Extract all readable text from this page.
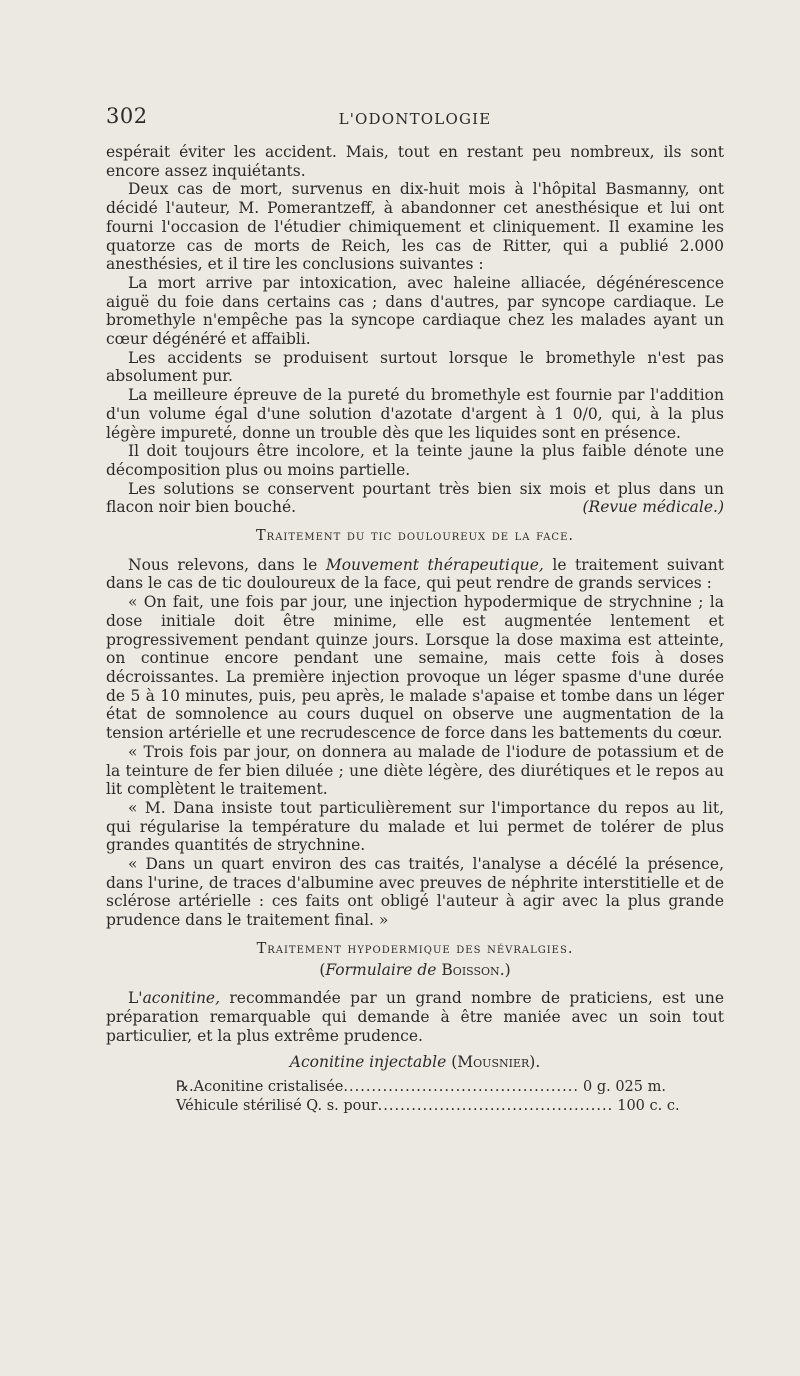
302	L'ODONTOLOGIE

espérait éviter les accident. Mais, tout en restant peu nombreux, ils sont encore assez inquiétants.

Deux cas de mort, survenus en dix-huit mois à l'hôpital Basmanny, ont décidé l'auteur, M. Pomerantzeff, à abandonner cet anesthésique et lui ont fourni l'occasion de l'étudier chimiquement et cliniquement. Il examine les quatorze cas de morts de Reich, les cas de Ritter, qui a publié 2.000 anesthésies, et il tire les conclusions suivantes :

La mort arrive par intoxication, avec haleine alliacée, dégénérescence aiguë du foie dans certains cas ; dans d'autres, par syncope cardiaque. Le bromethyle n'empêche pas la syncope cardiaque chez les malades ayant un cœur dégénéré et affaibli.

Les accidents se produisent surtout lorsque le bromethyle n'est pas absolument pur.

La meilleure épreuve de la pureté du bromethyle est fournie par l'addition d'un volume égal d'une solution d'azotate d'argent à 1 0/0, qui, à la plus légère impureté, donne un trouble dès que les liquides sont en présence.

Il doit toujours être incolore, et la teinte jaune la plus faible dénote une décomposition plus ou moins partielle.

Les solutions se conservent pourtant très bien six mois et plus dans un flacon noir bien bouché.	(Revue médicale.)

Traitement du tic douloureux de la face.

Nous relevons, dans le Mouvement thérapeutique, le traitement suivant dans le cas de tic douloureux de la face, qui peut rendre de grands services :

« On fait, une fois par jour, une injection hypodermique de strychnine ; la dose initiale doit être minime, elle est augmentée lentement et progressivement pendant quinze jours. Lorsque la dose maxima est atteinte, on continue encore pendant une semaine, mais cette fois à doses décroissantes. La première injection provoque un léger spasme d'une durée de 5 à 10 minutes, puis, peu après, le malade s'apaise et tombe dans un léger état de somnolence au cours duquel on observe une augmentation de la tension artérielle et une recrudescence de force dans les battements du cœur.

« Trois fois par jour, on donnera au malade de l'iodure de potassium et de la teinture de fer bien diluée ; une diète légère, des diurétiques et le repos au lit complètent le traitement.

« M. Dana insiste tout particulièrement sur l'importance du repos au lit, qui régularise la température du malade et lui permet de tolérer de plus grandes quantités de strychnine.

« Dans un quart environ des cas traités, l'analyse a décélé la présence, dans l'urine, de traces d'albumine avec preuves de néphrite interstitielle et de sclérose artérielle : ces faits ont obligé l'auteur à agir avec la plus grande prudence dans le traitement final. »

Traitement hypodermique des névralgies.
(Formulaire de Boisson.)

L'aconitine, recommandée par un grand nombre de praticiens, est une préparation remarquable qui demande à être maniée avec un soin tout particulier, et la plus extrême prudence.

Aconitine injectable (Mousnier).
℞. Aconitine cristalisée .......................................... 0 g. 025 m.
Véhicule stérilisé Q. s. pour .......................................... 100 c. c.
